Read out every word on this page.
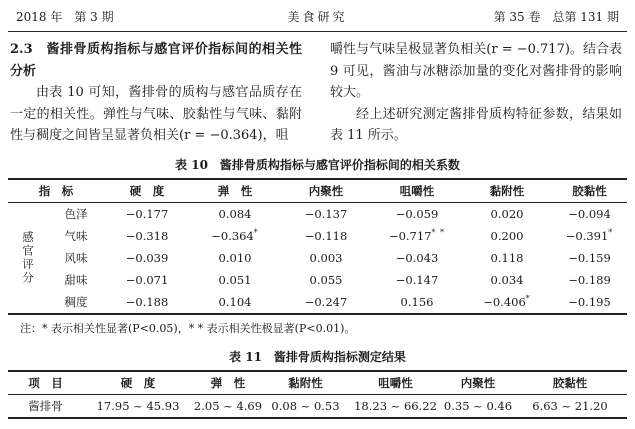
2018 年　第 3 期	美食研究	第 35 卷　总第 131 期
2.3　酱排骨质构指标与感官评价指标间的相关性分析

由表 10 可知，酱排骨的质构与感官品质存在一定的相关性。弹性与气味、胶黏性与气味、黏附性与稠度之间皆呈显著负相关(r = −0.364)，咀

嚼性与气味呈极显著负相关(r = −0.717)。结合表 9 可见，酱油与冰糖添加量的变化对酱排骨的影响较大。

经上述研究测定酱排骨质构特征参数，结果如表 11 所示。

表 10　酱排骨质构指标与感官评价指标间的相关系数
指　标		硬　度	弹　性	内聚性	咀嚼性	黏附性	胶黏性

感官评分	色泽	−0.177	0.084	−0.137	−0.059	0.020	−0.094
	气味	−0.318	−0.364*	−0.118	−0.717* *	0.200	−0.391*
	风味	−0.039	0.010	0.003	−0.043	0.118	−0.159
	甜味	−0.071	0.051	0.055	−0.147	0.034	−0.189
	稠度	−0.188	0.104	−0.247	0.156	−0.406*	−0.195
注：* 表示相关性显著(P<0.05)，* * 表示相关性极显著(P<0.01)。
表 11　酱排骨质构指标测定结果
项　目	硬　度	弹　性	黏附性	咀嚼性	内聚性	胶黏性
酱排骨	17.95 ~ 45.93	2.05 ~ 4.69	0.08 ~ 0.53	18.23 ~ 66.22	0.35 ~ 0.46	6.63 ~ 21.20
